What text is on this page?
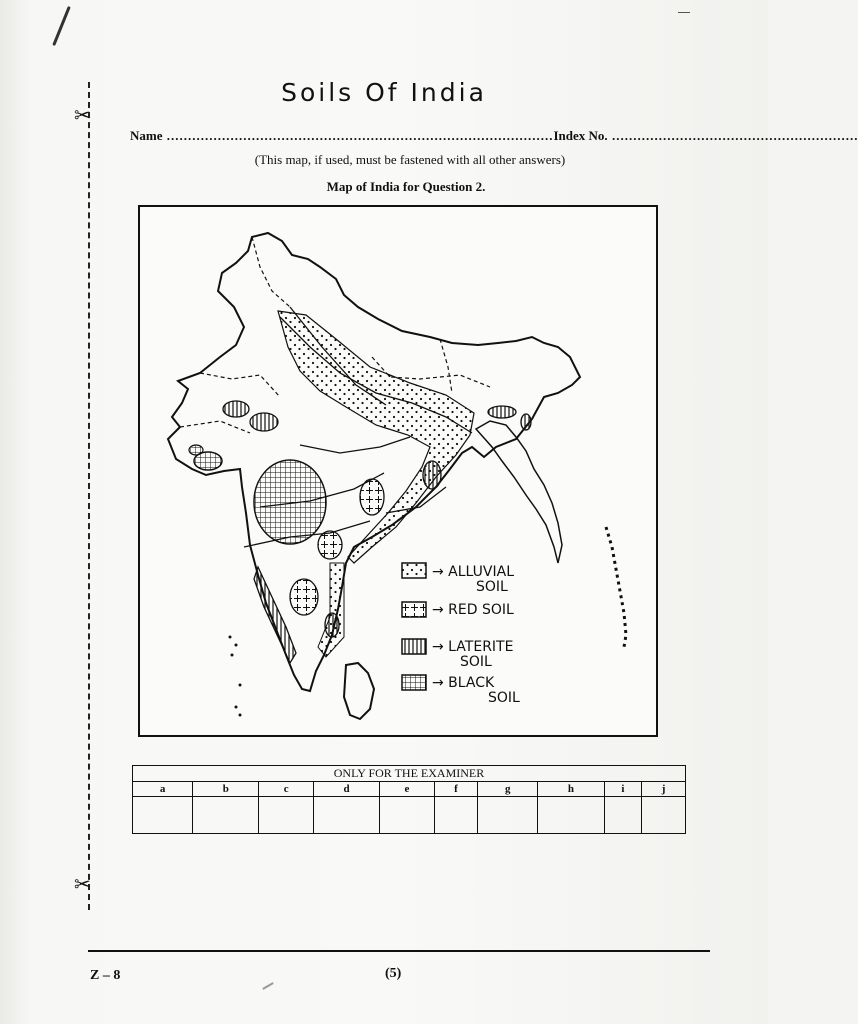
✂
✂
Soils Of India
Name ........................................................................................... Index No. ..........................................................
(This map, if used, must be fastened with all other answers)
Map of India for Question 2.
→ ALLUVIAL
SOIL
→ RED SOIL
→ LATERITE
SOIL
→ BLACK
SOIL
ONLY FOR THE EXAMINER									
a	b	c	d	e	f	g	h	i	j

Z – 8	(5)
